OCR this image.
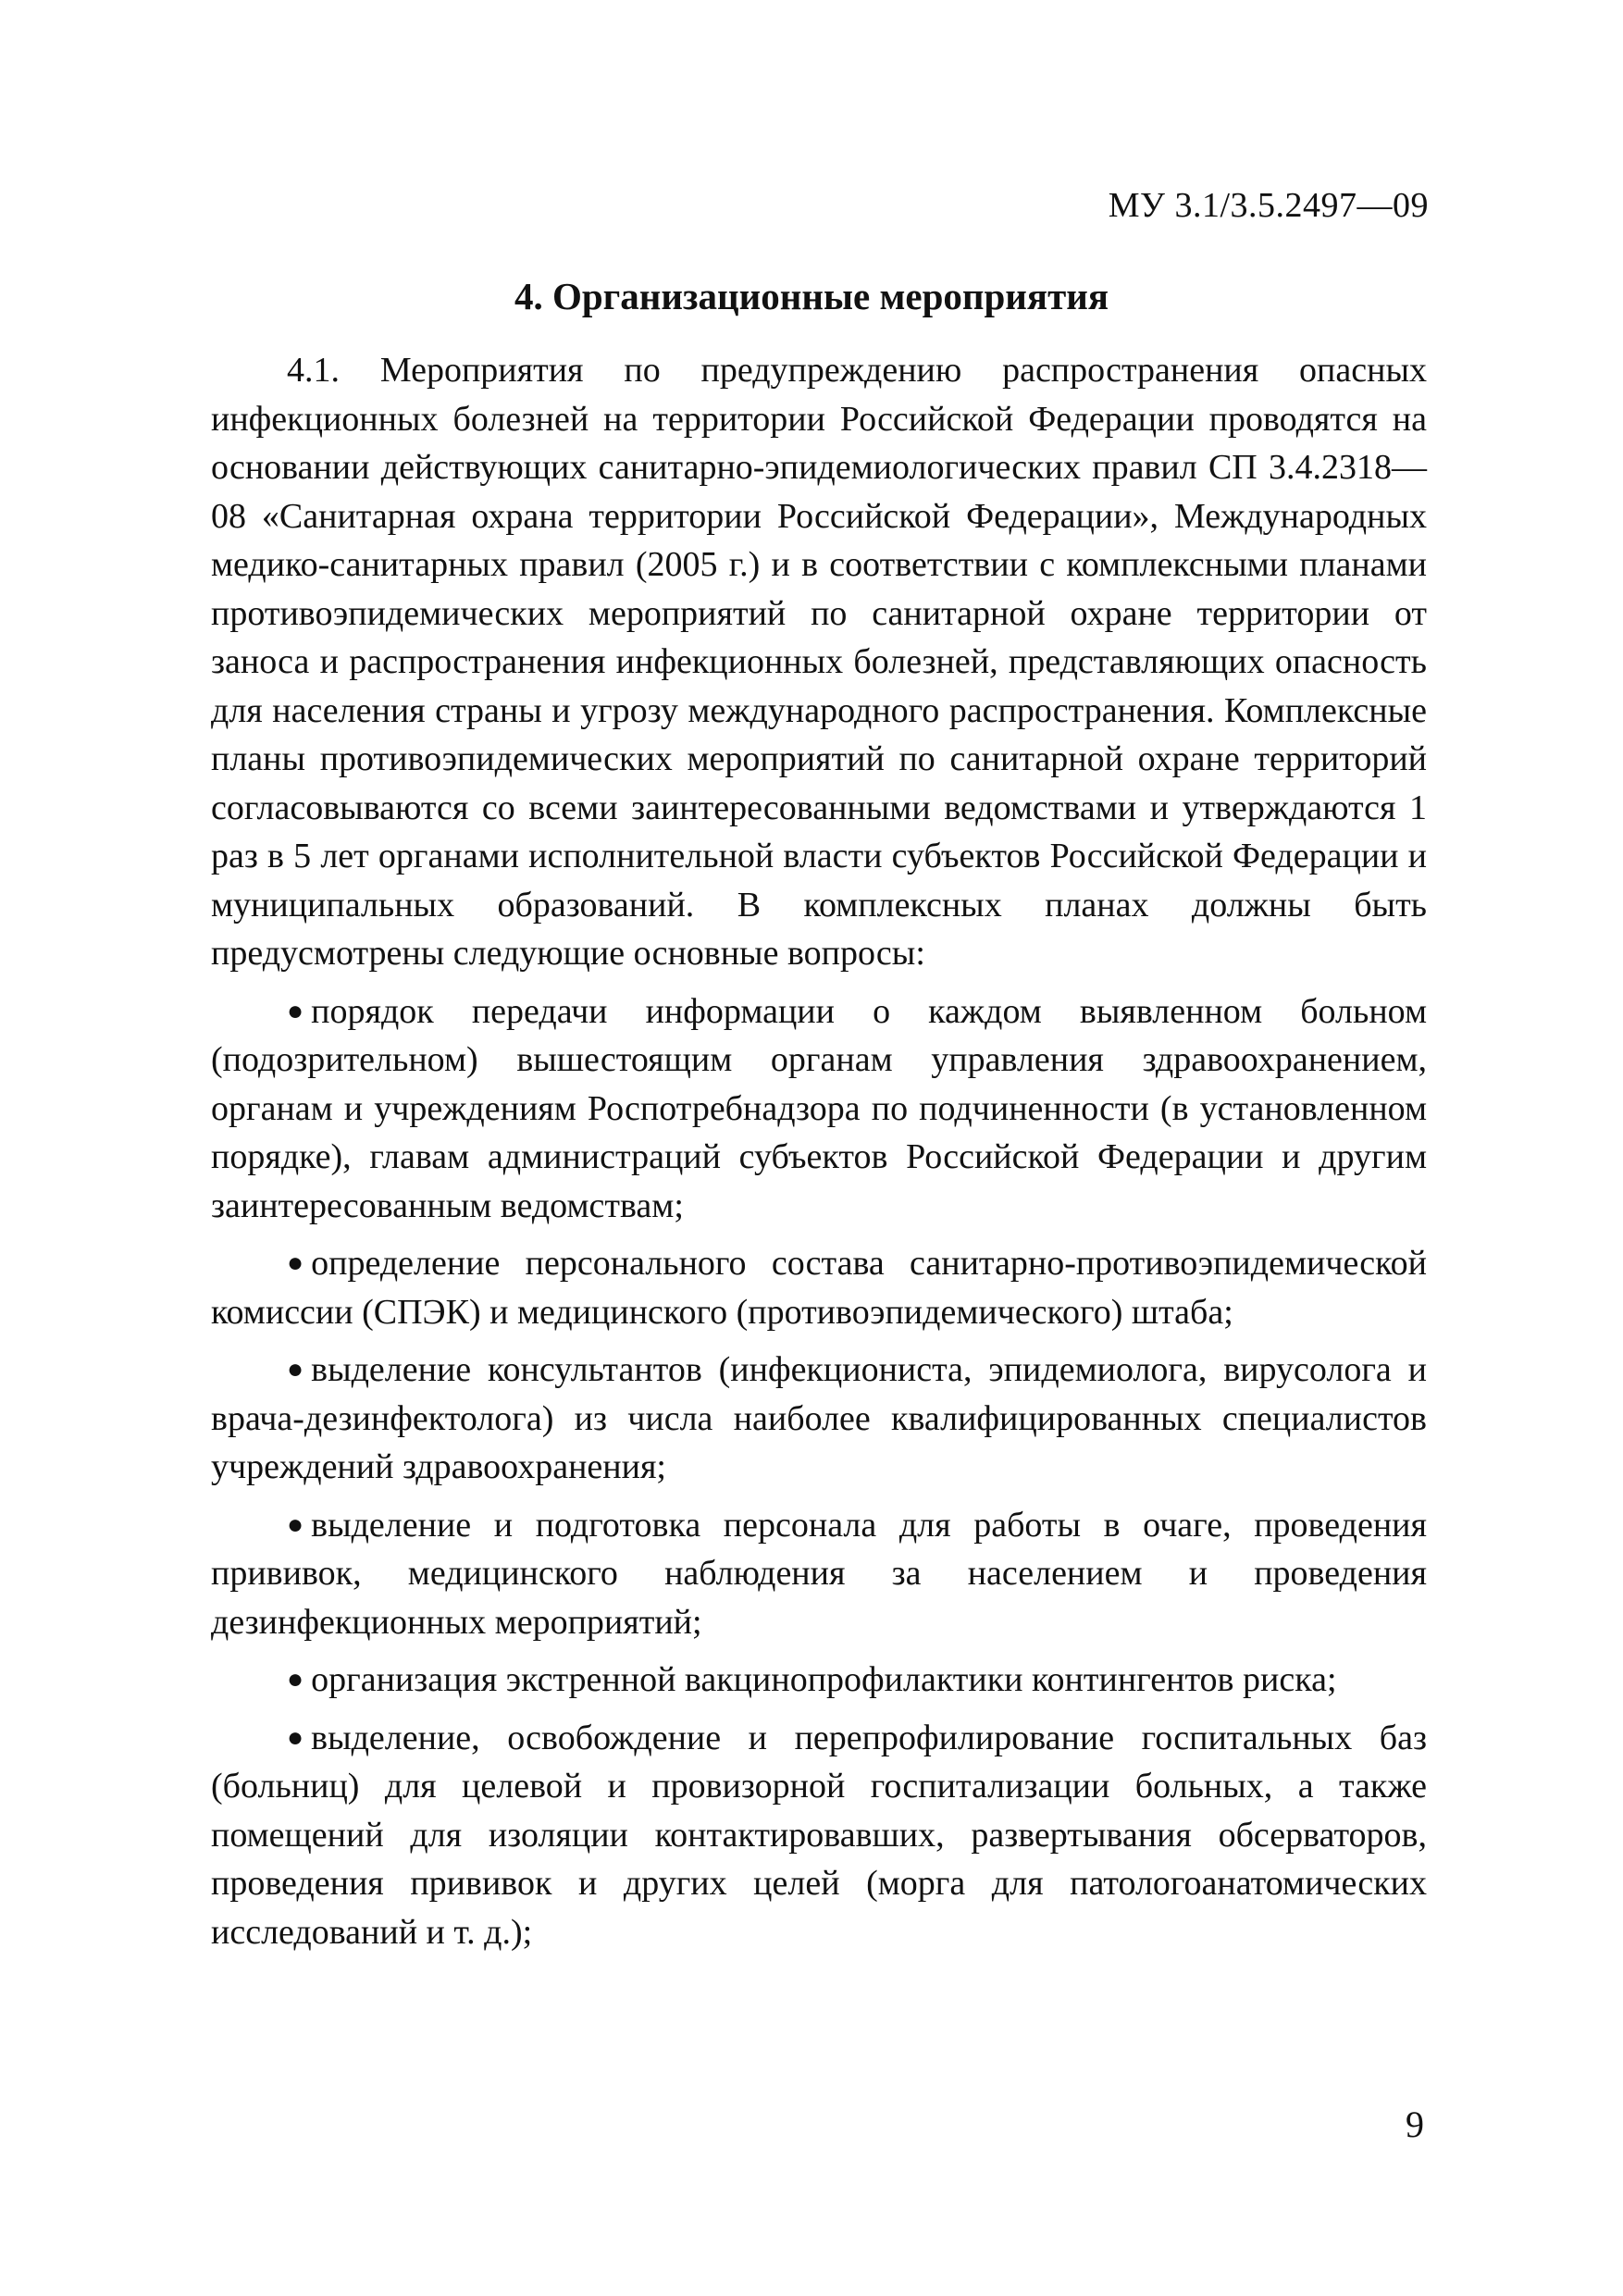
МУ 3.1/3.5.2497—09
4. Организационные мероприятия

4.1. Мероприятия по предупреждению распространения опасных инфекционных болезней на территории Российской Федерации проводятся на основании действующих санитарно-эпидемиологических правил СП 3.4.2318—08 «Санитарная охрана территории Российской Федерации», Международных медико-санитарных правил (2005 г.) и в соответствии с комплексными планами противоэпидемических мероприятий по санитарной охране территории от заноса и распространения инфекционных болезней, представляющих опасность для населения страны и угрозу международного распространения. Комплексные планы противоэпидемических мероприятий по санитарной охране территорий согласовываются со всеми заинтересованными ведомствами и утверждаются 1 раз в 5 лет органами исполнительной власти субъектов Российской Федерации и муниципальных образований. В комплексных планах должны быть предусмотрены следующие основные вопросы:

● порядок передачи информации о каждом выявленном больном (подозрительном) вышестоящим органам управления здравоохранением, органам и учреждениям Роспотребнадзора по подчиненности (в установленном порядке), главам администраций субъектов Российской Федерации и другим заинтересованным ведомствам;
● определение персонального состава санитарно-противоэпидемической комиссии (СПЭК) и медицинского (противоэпидемического) штаба;
● выделение консультантов (инфекциониста, эпидемиолога, вирусолога и врача-дезинфектолога) из числа наиболее квалифицированных специалистов учреждений здравоохранения;
● выделение и подготовка персонала для работы в очаге, проведения прививок, медицинского наблюдения за населением и проведения дезинфекционных мероприятий;
● организация экстренной вакцинопрофилактики контингентов риска;
● выделение, освобождение и перепрофилирование госпитальных баз (больниц) для целевой и провизорной госпитализации больных, а также помещений для изоляции контактировавших, развертывания обсерваторов, проведения прививок и других целей (морга для патологоанатомических исследований и т. д.);
9
